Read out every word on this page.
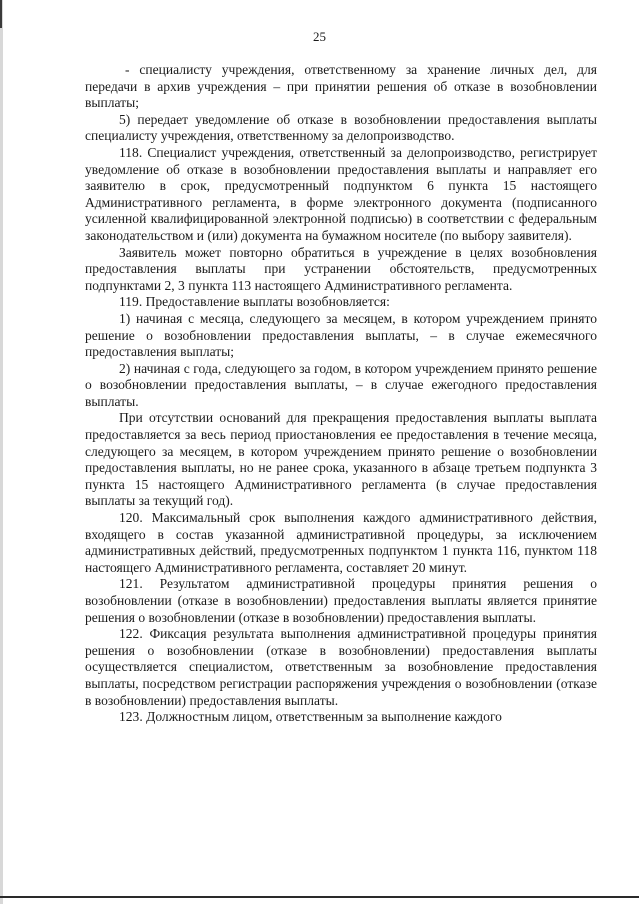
25

- специалисту учреждения, ответственному за хранение личных дел, для передачи в архив учреждения – при принятии решения об отказе в возобновлении выплаты;

5) передает уведомление об отказе в возобновлении предоставления выплаты специалисту учреждения, ответственному за делопроизводство.

118. Специалист учреждения, ответственный за делопроизводство, регистрирует уведомление об отказе в возобновлении предоставления выплаты и направляет его заявителю в срок, предусмотренный подпунктом 6 пункта 15 настоящего Административного регламента, в форме электронного документа (подписанного усиленной квалифицированной электронной подписью) в соответствии с федеральным законодательством и (или) документа на бумажном носителе (по выбору заявителя).

Заявитель может повторно обратиться в учреждение в целях возобновления предоставления выплаты при устранении обстоятельств, предусмотренных подпунктами 2, 3 пункта 113 настоящего Административного регламента.

119. Предоставление выплаты возобновляется:

1) начиная с месяца, следующего за месяцем, в котором учреждением принято решение о возобновлении предоставления выплаты, – в случае ежемесячного предоставления выплаты;

2) начиная с года, следующего за годом, в котором учреждением принято решение о возобновлении предоставления выплаты, – в случае ежегодного предоставления выплаты.

При отсутствии оснований для прекращения предоставления выплаты выплата предоставляется за весь период приостановления ее предоставления в течение месяца, следующего за месяцем, в котором учреждением принято решение о возобновлении предоставления выплаты, но не ранее срока, указанного в абзаце третьем подпункта 3 пункта 15 настоящего Административного регламента (в случае предоставления выплаты за текущий год).

120. Максимальный срок выполнения каждого административного действия, входящего в состав указанной административной процедуры, за исключением административных действий, предусмотренных подпунктом 1 пункта 116, пунктом 118 настоящего Административного регламента, составляет 20 минут.

121. Результатом административной процедуры принятия решения о возобновлении (отказе в возобновлении) предоставления выплаты является принятие решения о возобновлении (отказе в возобновлении) предоставления выплаты.

122. Фиксация результата выполнения административной процедуры принятия решения о возобновлении (отказе в возобновлении) предоставления выплаты осуществляется специалистом, ответственным за возобновление предоставления выплаты, посредством регистрации распоряжения учреждения о возобновлении (отказе в возобновлении) предоставления выплаты.

123. Должностным лицом, ответственным за выполнение каждого
